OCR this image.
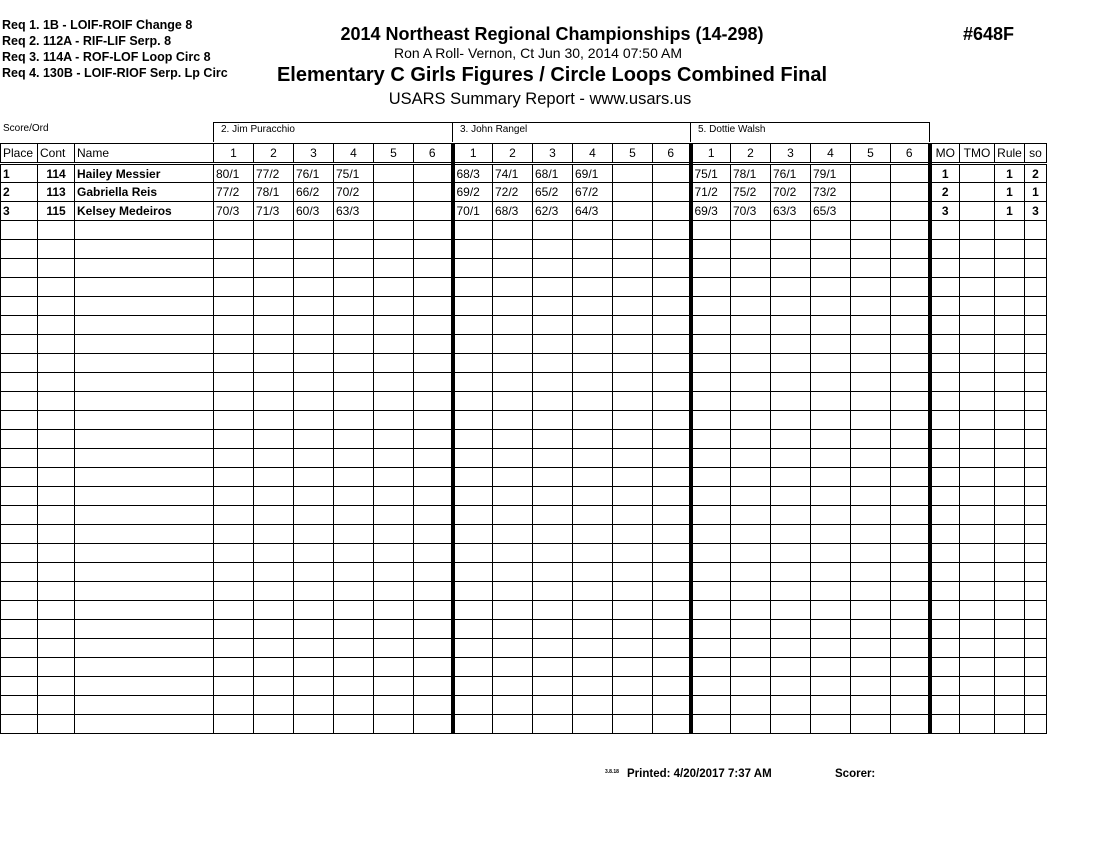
Req 1. 1B - LOIF-ROIF Change 8
Req 2. 112A - RIF-LIF Serp. 8
Req 3. 114A - ROF-LOF Loop Circ 8
Req 4. 130B - LOIF-RIOF Serp. Lp Circ
2014 Northeast Regional Championships (14-298)
Ron A Roll- Vernon, Ct Jun 30, 2014 07:50 AM
Elementary C Girls Figures / Circle Loops Combined Final
USARS Summary Report - www.usars.us
#648F
Score/Ord	2. Jim Puracchio	3. John Rangel	5. Dottie Walsh
Place	Cont	Name	1	2	3	4	5	6	1	2	3	4	5	6	1	2	3	4	5	6	MO	TMO	Rule	so
1	114	Hailey Messier	80/1	77/2	76/1	75/1			68/3	74/1	68/1	69/1			75/1	78/1	76/1	79/1			1		1	2
2	113	Gabriella Reis	77/2	78/1	66/2	70/2			69/2	72/2	65/2	67/2			71/2	75/2	70/2	73/2			2		1	1
3	115	Kelsey Medeiros	70/3	71/3	60/3	63/3			70/1	68/3	62/3	64/3			69/3	70/3	63/3	65/3			3		1	3

3.8.18 Printed: 4/20/2017 7:37 AM	Scorer:
